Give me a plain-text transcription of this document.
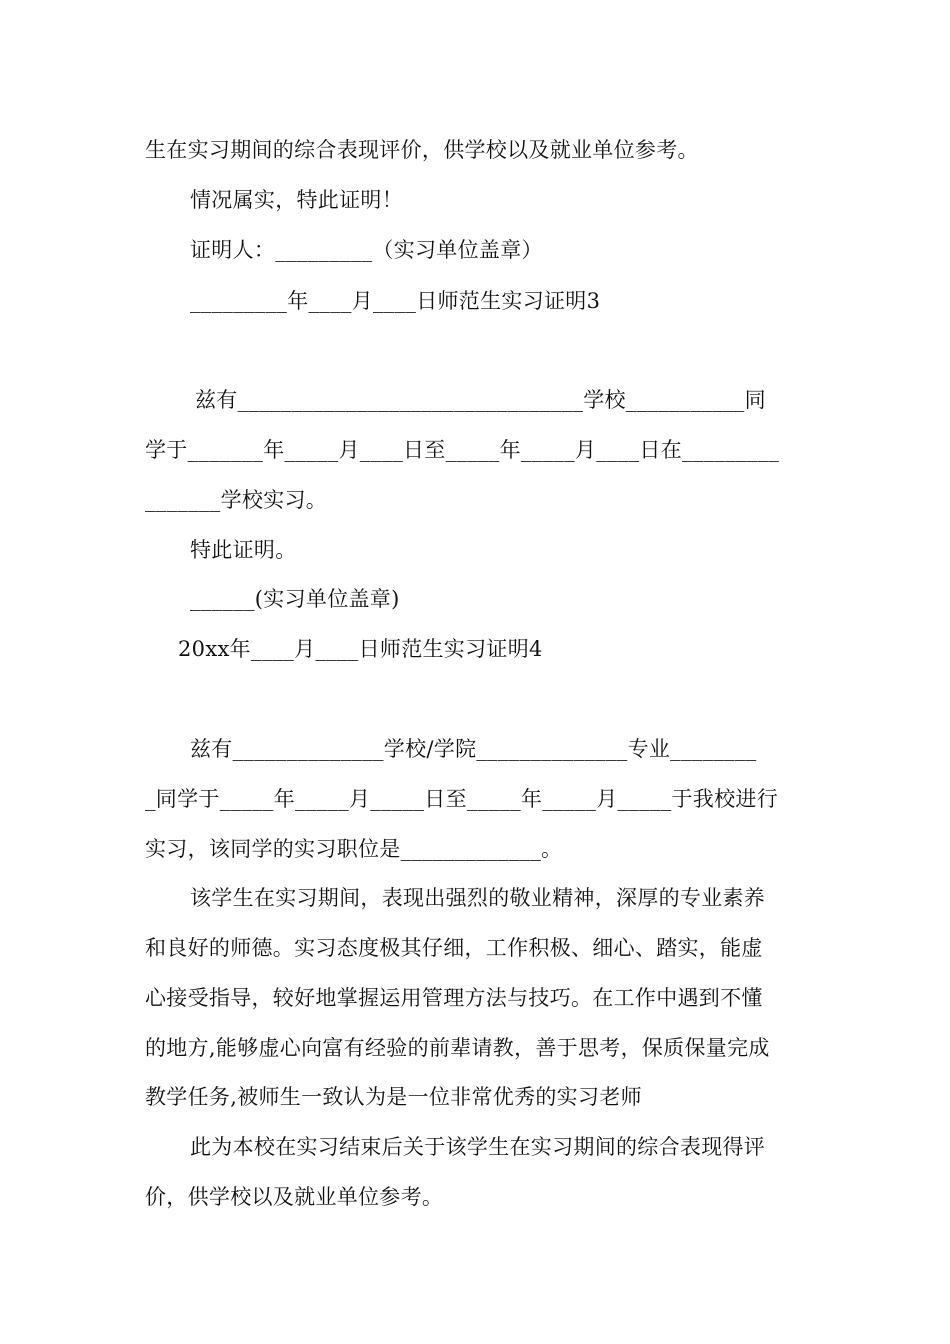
生在实习期间的综合表现评价，供学校以及就业单位参考。
情况属实，特此证明！
证明人：_________（实习单位盖章）
_________年____月____日师范生实习证明3
兹有________________________________学校___________同
学于_______年_____月____日至_____年_____月____日在_________
_______学校实习。
特此证明。
______(实习单位盖章)
20xx年____月____日师范生实习证明4
兹有______________学校/学院______________专业________
_同学于_____年_____月_____日至_____年_____月_____于我校进行
实习，该同学的实习职位是_____________。
该学生在实习期间，表现出强烈的敬业精神，深厚的专业素养
和良好的师德。实习态度极其仔细，工作积极、细心、踏实，能虚
心接受指导，较好地掌握运用管理方法与技巧。在工作中遇到不懂
的地方,能够虚心向富有经验的前辈请教，善于思考，保质保量完成
教学任务,被师生一致认为是一位非常优秀的实习老师
此为本校在实习结束后关于该学生在实习期间的综合表现得评
价，供学校以及就业单位参考。
